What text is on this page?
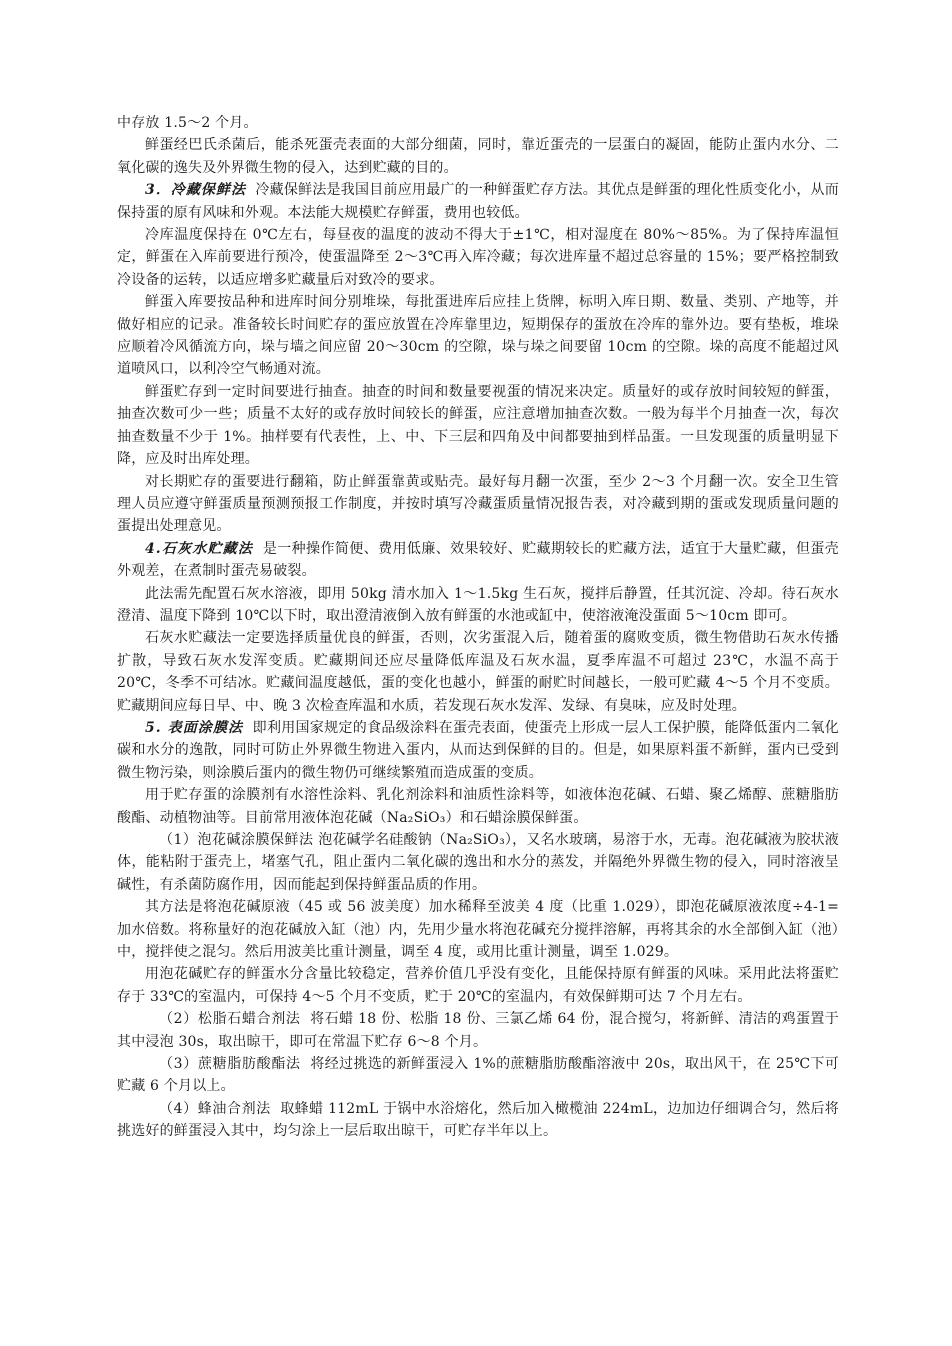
中存放 1.5～2 个月。

鲜蛋经巴氏杀菌后，能杀死蛋壳表面的大部分细菌，同时，靠近蛋壳的一层蛋白的凝固，能防止蛋内水分、二氧化碳的逸失及外界微生物的侵入，达到贮藏的目的。

3．冷藏保鲜法 冷藏保鲜法是我国目前应用最广的一种鲜蛋贮存方法。其优点是鲜蛋的理化性质变化小，从而保持蛋的原有风味和外观。本法能大规模贮存鲜蛋，费用也较低。

冷库温度保持在 0℃左右，每昼夜的温度的波动不得大于±1℃，相对湿度在 80%～85%。为了保持库温恒定，鲜蛋在入库前要进行预冷，使蛋温降至 2～3℃再入库冷藏；每次进库量不超过总容量的 15%；要严格控制致冷设备的运转，以适应增多贮藏量后对致冷的要求。

鲜蛋入库要按品种和进库时间分别堆垛，每批蛋进库后应挂上货牌，标明入库日期、数量、类别、产地等，并做好相应的记录。准备较长时间贮存的蛋应放置在冷库靠里边，短期保存的蛋放在冷库的靠外边。要有垫板，堆垛应顺着冷风循流方向，垛与墙之间应留 20～30cm 的空隙，垛与垛之间要留 10cm 的空隙。垛的高度不能超过风道喷风口，以利冷空气畅通对流。

鲜蛋贮存到一定时间要进行抽查。抽查的时间和数量要视蛋的情况来决定。质量好的或存放时间较短的鲜蛋，抽查次数可少一些；质量不太好的或存放时间较长的鲜蛋，应注意增加抽查次数。一般为每半个月抽查一次，每次抽查数量不少于 1%。抽样要有代表性，上、中、下三层和四角及中间都要抽到样品蛋。一旦发现蛋的质量明显下降，应及时出库处理。

对长期贮存的蛋要进行翻箱，防止鲜蛋靠黄或贴壳。最好每月翻一次蛋，至少 2～3 个月翻一次。安全卫生管理人员应遵守鲜蛋质量预测预报工作制度，并按时填写冷藏蛋质量情况报告表，对冷藏到期的蛋或发现质量问题的蛋提出处理意见。

4.石灰水贮藏法 是一种操作简便、费用低廉、效果较好、贮藏期较长的贮藏方法，适宜于大量贮藏，但蛋壳外观差，在煮制时蛋壳易破裂。

此法需先配置石灰水溶液，即用 50kg 清水加入 1～1.5kg 生石灰，搅拌后静置，任其沉淀、冷却。待石灰水澄清、温度下降到 10℃以下时，取出澄清液倒入放有鲜蛋的水池或缸中，使溶液淹没蛋面 5～10cm 即可。

石灰水贮藏法一定要选择质量优良的鲜蛋，否则，次劣蛋混入后，随着蛋的腐败变质，微生物借助石灰水传播扩散，导致石灰水发浑变质。贮藏期间还应尽量降低库温及石灰水温，夏季库温不可超过 23℃，水温不高于 20℃，冬季不可结冰。贮藏间温度越低，蛋的变化也越小，鲜蛋的耐贮时间越长，一般可贮藏 4～5 个月不变质。贮藏期间应每日早、中、晚 3 次检查库温和水质，若发现石灰水发浑、发绿、有臭味，应及时处理。

5. 表面涂膜法 即利用国家规定的食品级涂料在蛋壳表面，使蛋壳上形成一层人工保护膜，能降低蛋内二氧化碳和水分的逸散，同时可防止外界微生物进入蛋内，从而达到保鲜的目的。但是，如果原料蛋不新鲜，蛋内已受到微生物污染，则涂膜后蛋内的微生物仍可继续繁殖而造成蛋的变质。

用于贮存蛋的涂膜剂有水溶性涂料、乳化剂涂料和油质性涂料等，如液体泡花碱、石蜡、聚乙烯醇、蔗糖脂肪酸酯、动植物油等。目前常用液体泡花碱（Na₂SiO₃）和石蜡涂膜保鲜蛋。

（1）泡花碱涂膜保鲜法 泡花碱学名硅酸钠（Na₂SiO₃），又名水玻璃，易溶于水，无毒。泡花碱液为胶状液体，能粘附于蛋壳上，堵塞气孔，阻止蛋内二氧化碳的逸出和水分的蒸发，并隔绝外界微生物的侵入，同时溶液呈碱性，有杀菌防腐作用，因而能起到保持鲜蛋品质的作用。

其方法是将泡花碱原液（45 或 56 波美度）加水稀释至波美 4 度（比重 1.029），即泡花碱原液浓度÷4-1=加水倍数。将称量好的泡花碱放入缸（池）内，先用少量水将泡花碱充分搅拌溶解，再将其余的水全部倒入缸（池）中，搅拌使之混匀。然后用波美比重计测量，调至 4 度，或用比重计测量，调至 1.029。

用泡花碱贮存的鲜蛋水分含量比较稳定，营养价值几乎没有变化，且能保持原有鲜蛋的风味。采用此法将蛋贮存于 33℃的室温内，可保持 4～5 个月不变质，贮于 20℃的室温内，有效保鲜期可达 7 个月左右。

（2）松脂石蜡合剂法 将石蜡 18 份、松脂 18 份、三氯乙烯 64 份，混合搅匀，将新鲜、清洁的鸡蛋置于其中浸泡 30s，取出晾干，即可在常温下贮存 6～8 个月。

（3）蔗糖脂肪酸酯法 将经过挑选的新鲜蛋浸入 1%的蔗糖脂肪酸酯溶液中 20s，取出风干，在 25℃下可贮藏 6 个月以上。

（4）蜂油合剂法 取蜂蜡 112mL 于锅中水浴熔化，然后加入橄榄油 224mL，边加边仔细调合匀，然后将挑选好的鲜蛋浸入其中，均匀涂上一层后取出晾干，可贮存半年以上。
